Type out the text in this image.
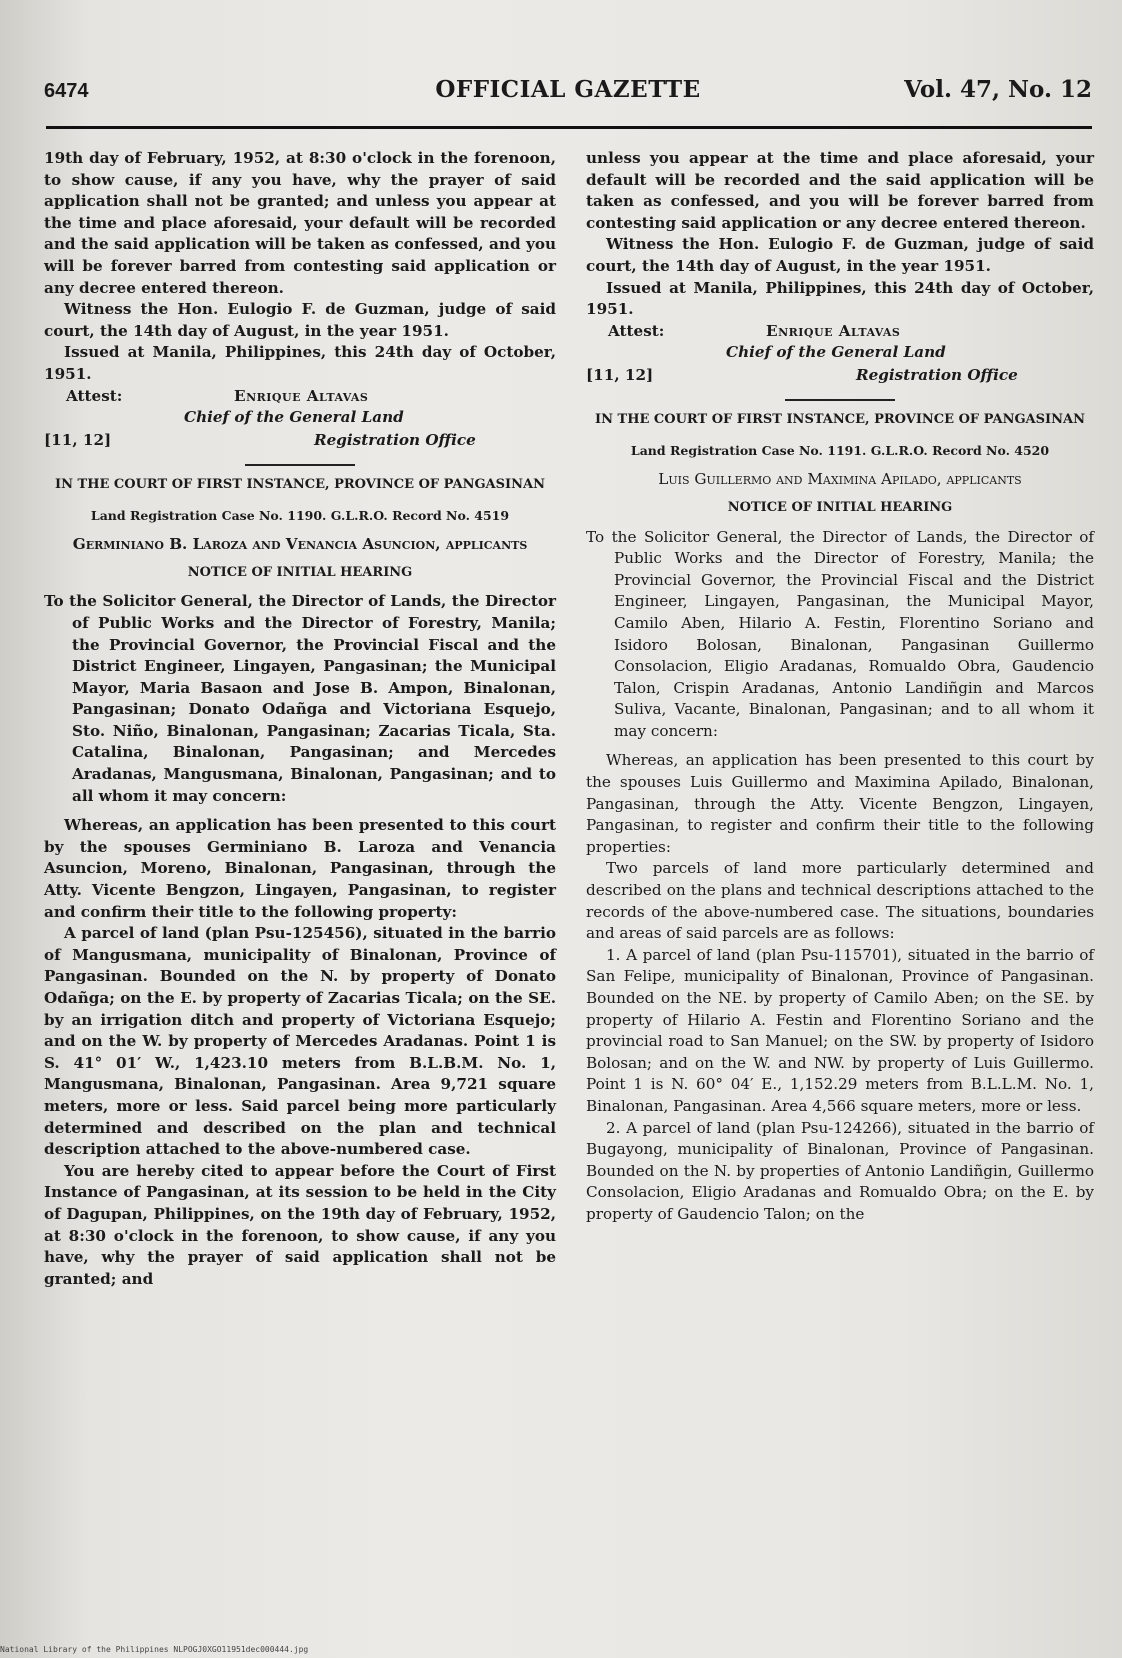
6474	OFFICIAL GAZETTE	Vol. 47, No. 12

19th day of February, 1952, at 8:30 o'clock in the forenoon, to show cause, if any you have, why the prayer of said application shall not be granted; and unless you appear at the time and place aforesaid, your default will be recorded and the said application will be taken as confessed, and you will be forever barred from contesting said application or any decree entered thereon.

Witness the Hon. Eulogio F. de Guzman, judge of said court, the 14th day of August, in the year 1951.

Issued at Manila, Philippines, this 24th day of October, 1951.

Attest:	Enrique Altavas
Chief of the General Land
[11, 12]	Registration Office
IN THE COURT OF FIRST INSTANCE, PROVINCE OF PANGASINAN
Land Registration Case No. 1190. G.L.R.O. Record No. 4519
Germiniano B. Laroza and Venancia Asuncion, applicants
NOTICE OF INITIAL HEARING

To the Solicitor General, the Director of Lands, the Director of Public Works and the Director of Forestry, Manila; the Provincial Governor, the Provincial Fiscal and the District Engineer, Lingayen, Pangasinan; the Municipal Mayor, Maria Basaon and Jose B. Ampon, Binalonan, Pangasinan; Donato Odañga and Victoriana Esquejo, Sto. Niño, Binalonan, Pangasinan; Zacarias Ticala, Sta. Catalina, Binalonan, Pangasinan; and Mercedes Aradanas, Mangusmana, Binalonan, Pangasinan; and to all whom it may concern:

Whereas, an application has been presented to this court by the spouses Germiniano B. Laroza and Venancia Asuncion, Moreno, Binalonan, Pangasinan, through the Atty. Vicente Bengzon, Lingayen, Pangasinan, to register and confirm their title to the following property:

A parcel of land (plan Psu-125456), situated in the barrio of Mangusmana, municipality of Binalonan, Province of Pangasinan. Bounded on the N. by property of Donato Odañga; on the E. by property of Zacarias Ticala; on the SE. by an irrigation ditch and property of Victoriana Esquejo; and on the W. by property of Mercedes Aradanas. Point 1 is S. 41° 01′ W., 1,423.10 meters from B.L.B.M. No. 1, Mangusmana, Binalonan, Pangasinan. Area 9,721 square meters, more or less. Said parcel being more particularly determined and described on the plan and technical description attached to the above-numbered case.

You are hereby cited to appear before the Court of First Instance of Pangasinan, at its session to be held in the City of Dagupan, Philippines, on the 19th day of February, 1952, at 8:30 o'clock in the forenoon, to show cause, if any you have, why the prayer of said application shall not be granted; and

unless you appear at the time and place aforesaid, your default will be recorded and the said application will be taken as confessed, and you will be forever barred from contesting said application or any decree entered thereon.

Witness the Hon. Eulogio F. de Guzman, judge of said court, the 14th day of August, in the year 1951.

Issued at Manila, Philippines, this 24th day of October, 1951.

Attest:	Enrique Altavas
Chief of the General Land
[11, 12]	Registration Office
IN THE COURT OF FIRST INSTANCE, PROVINCE OF PANGASINAN
Land Registration Case No. 1191. G.L.R.O. Record No. 4520
Luis Guillermo and Maximina Apilado, applicants
NOTICE OF INITIAL HEARING

To the Solicitor General, the Director of Lands, the Director of Public Works and the Director of Forestry, Manila; the Provincial Governor, the Provincial Fiscal and the District Engineer, Lingayen, Pangasinan, the Municipal Mayor, Camilo Aben, Hilario A. Festin, Florentino Soriano and Isidoro Bolosan, Binalonan, Pangasinan Guillermo Consolacion, Eligio Aradanas, Romualdo Obra, Gaudencio Talon, Crispin Aradanas, Antonio Landiñgin and Marcos Suliva, Vacante, Binalonan, Pangasinan; and to all whom it may concern:

Whereas, an application has been presented to this court by the spouses Luis Guillermo and Maximina Apilado, Binalonan, Pangasinan, through the Atty. Vicente Bengzon, Lingayen, Pangasinan, to register and confirm their title to the following properties:

Two parcels of land more particularly determined and described on the plans and technical descriptions attached to the records of the above-numbered case. The situations, boundaries and areas of said parcels are as follows:

1. A parcel of land (plan Psu-115701), situated in the barrio of San Felipe, municipality of Binalonan, Province of Pangasinan. Bounded on the NE. by property of Camilo Aben; on the SE. by property of Hilario A. Festin and Florentino Soriano and the provincial road to San Manuel; on the SW. by property of Isidoro Bolosan; and on the W. and NW. by property of Luis Guillermo. Point 1 is N. 60° 04′ E., 1,152.29 meters from B.L.L.M. No. 1, Binalonan, Pangasinan. Area 4,566 square meters, more or less.

2. A parcel of land (plan Psu-124266), situated in the barrio of Bugayong, municipality of Binalonan, Province of Pangasinan. Bounded on the N. by properties of Antonio Landiñgin, Guillermo Consolacion, Eligio Aradanas and Romualdo Obra; on the E. by property of Gaudencio Talon; on the

National Library of the Philippines NLPOGJ0XGO11951dec000444.jpg
